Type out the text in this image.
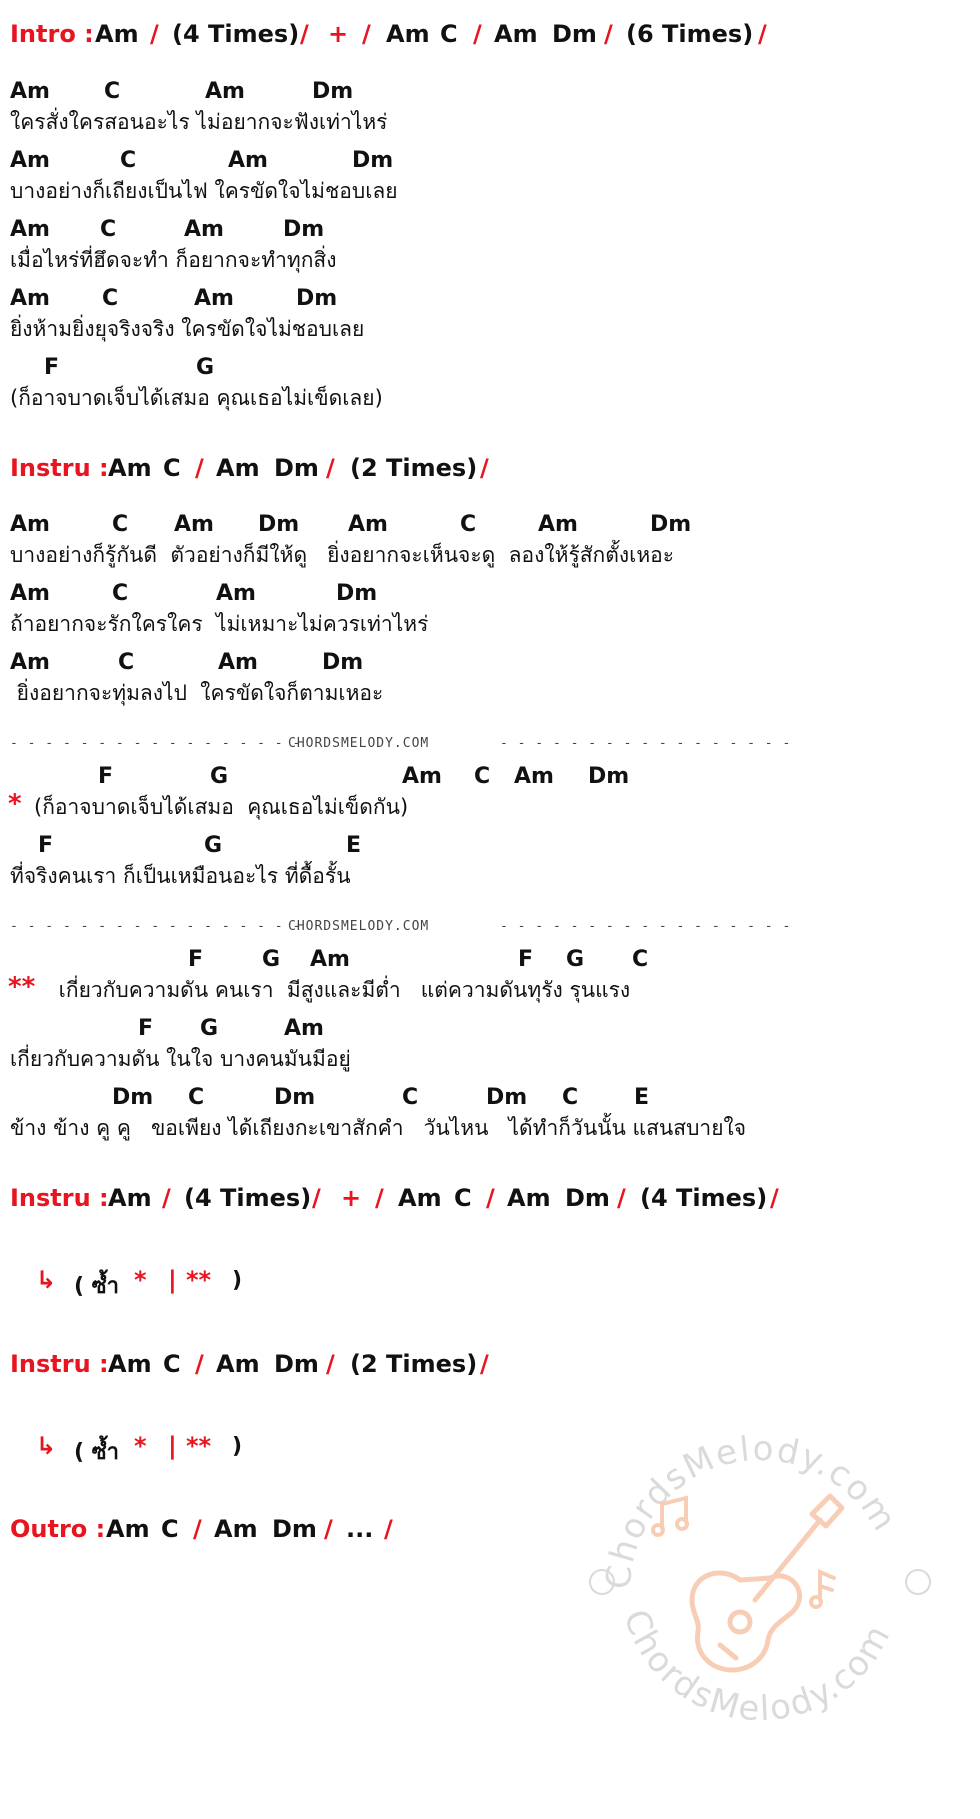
Intro :

Am

/

(4 Times)

/

+

/

Am

C

/

Am

Dm

/

(6 Times)

/

Am

C

	Am

	Dm

ใครสั่งใครสอนอะไร ไม่อยากจะฟังเท่าไหร่

Am

	C

	Am

	Dm

บางอย่างก็เถียงเป็นไฟ ใครขัดใจไม่ชอบเลย

Am

C

	Am

	Dm

เมื่อไหร่ที่ฮึดจะทำ ก็อยากจะทำทุกสิ่ง

Am

C

	Am

	Dm

ยิ่งห้ามยิ่งยุจริงจริง ใครขัดใจไม่ชอบเลย

F

	G

(ก็อาจบาดเจ็บได้เสมอ คุณเธอไม่เข็ดเลย)

Instru :

Am

C

/

Am

Dm

/

(2 Times)

/

Am

	C

Am

Dm

Am

	C

	Am

	Dm

บางอย่างก็รู้กันดี  ตัวอย่างก็มีให้ดู   ยิ่งอยากจะเห็นจะดู  ลองให้รู้สักตั้งเหอะ

Am

	C

	Am

	Dm

ถ้าอยากจะรักใครใคร  ไม่เหมาะไม่ควรเท่าไหร่

Am

	C

	Am

	Dm

ยิ่งอยากจะทุ่มลงไป  ใครขัดใจก็ตามเหอะ

- - - - - - - - - - - - - - - - -

CHORDSMELODY.COM

	- - - - - - - - - - - - - - - - -

F

	G

	Am

C

Am

Dm

*

(ก็อาจบาดเจ็บได้เสมอ  คุณเธอไม่เข็ดกัน)

F

	G

	E

ที่จริงคนเรา ก็เป็นเหมือนอะไร ที่ดื้อรั้น

- - - - - - - - - - - - - - - - -

CHORDSMELODY.COM

	- - - - - - - - - - - - - - - - -

F

	G

Am

	F

G

C

**

เกี่ยวกับความดัน คนเรา  มีสูงและมีต่ำ   แต่ความดันทุรัง รุนแรง

F

G

	Am

เกี่ยวกับความดัน ในใจ บางคนมันมีอยู่

Dm

C

	Dm

	C

	Dm

C

	E

ข้าง ข้าง คู คู   ขอเพียง ได้เถียงกะเขาสักคำ   วันไหน   ได้ทำก็วันนั้น แสนสบายใจ

Instru :

Am

/

(4 Times)

/

+

/

Am

C

/

Am

Dm

/

(4 Times)

/

↳

( ซ้ำ

*

|

**

)

Instru :

Am

C

/

Am

Dm

/

(2 Times)

/

↳

( ซ้ำ

*

|

**

)

Outro :

Am

C

/

Am

Dm

/

...

/

ChordsMelody.com
ChordsMelody.com
